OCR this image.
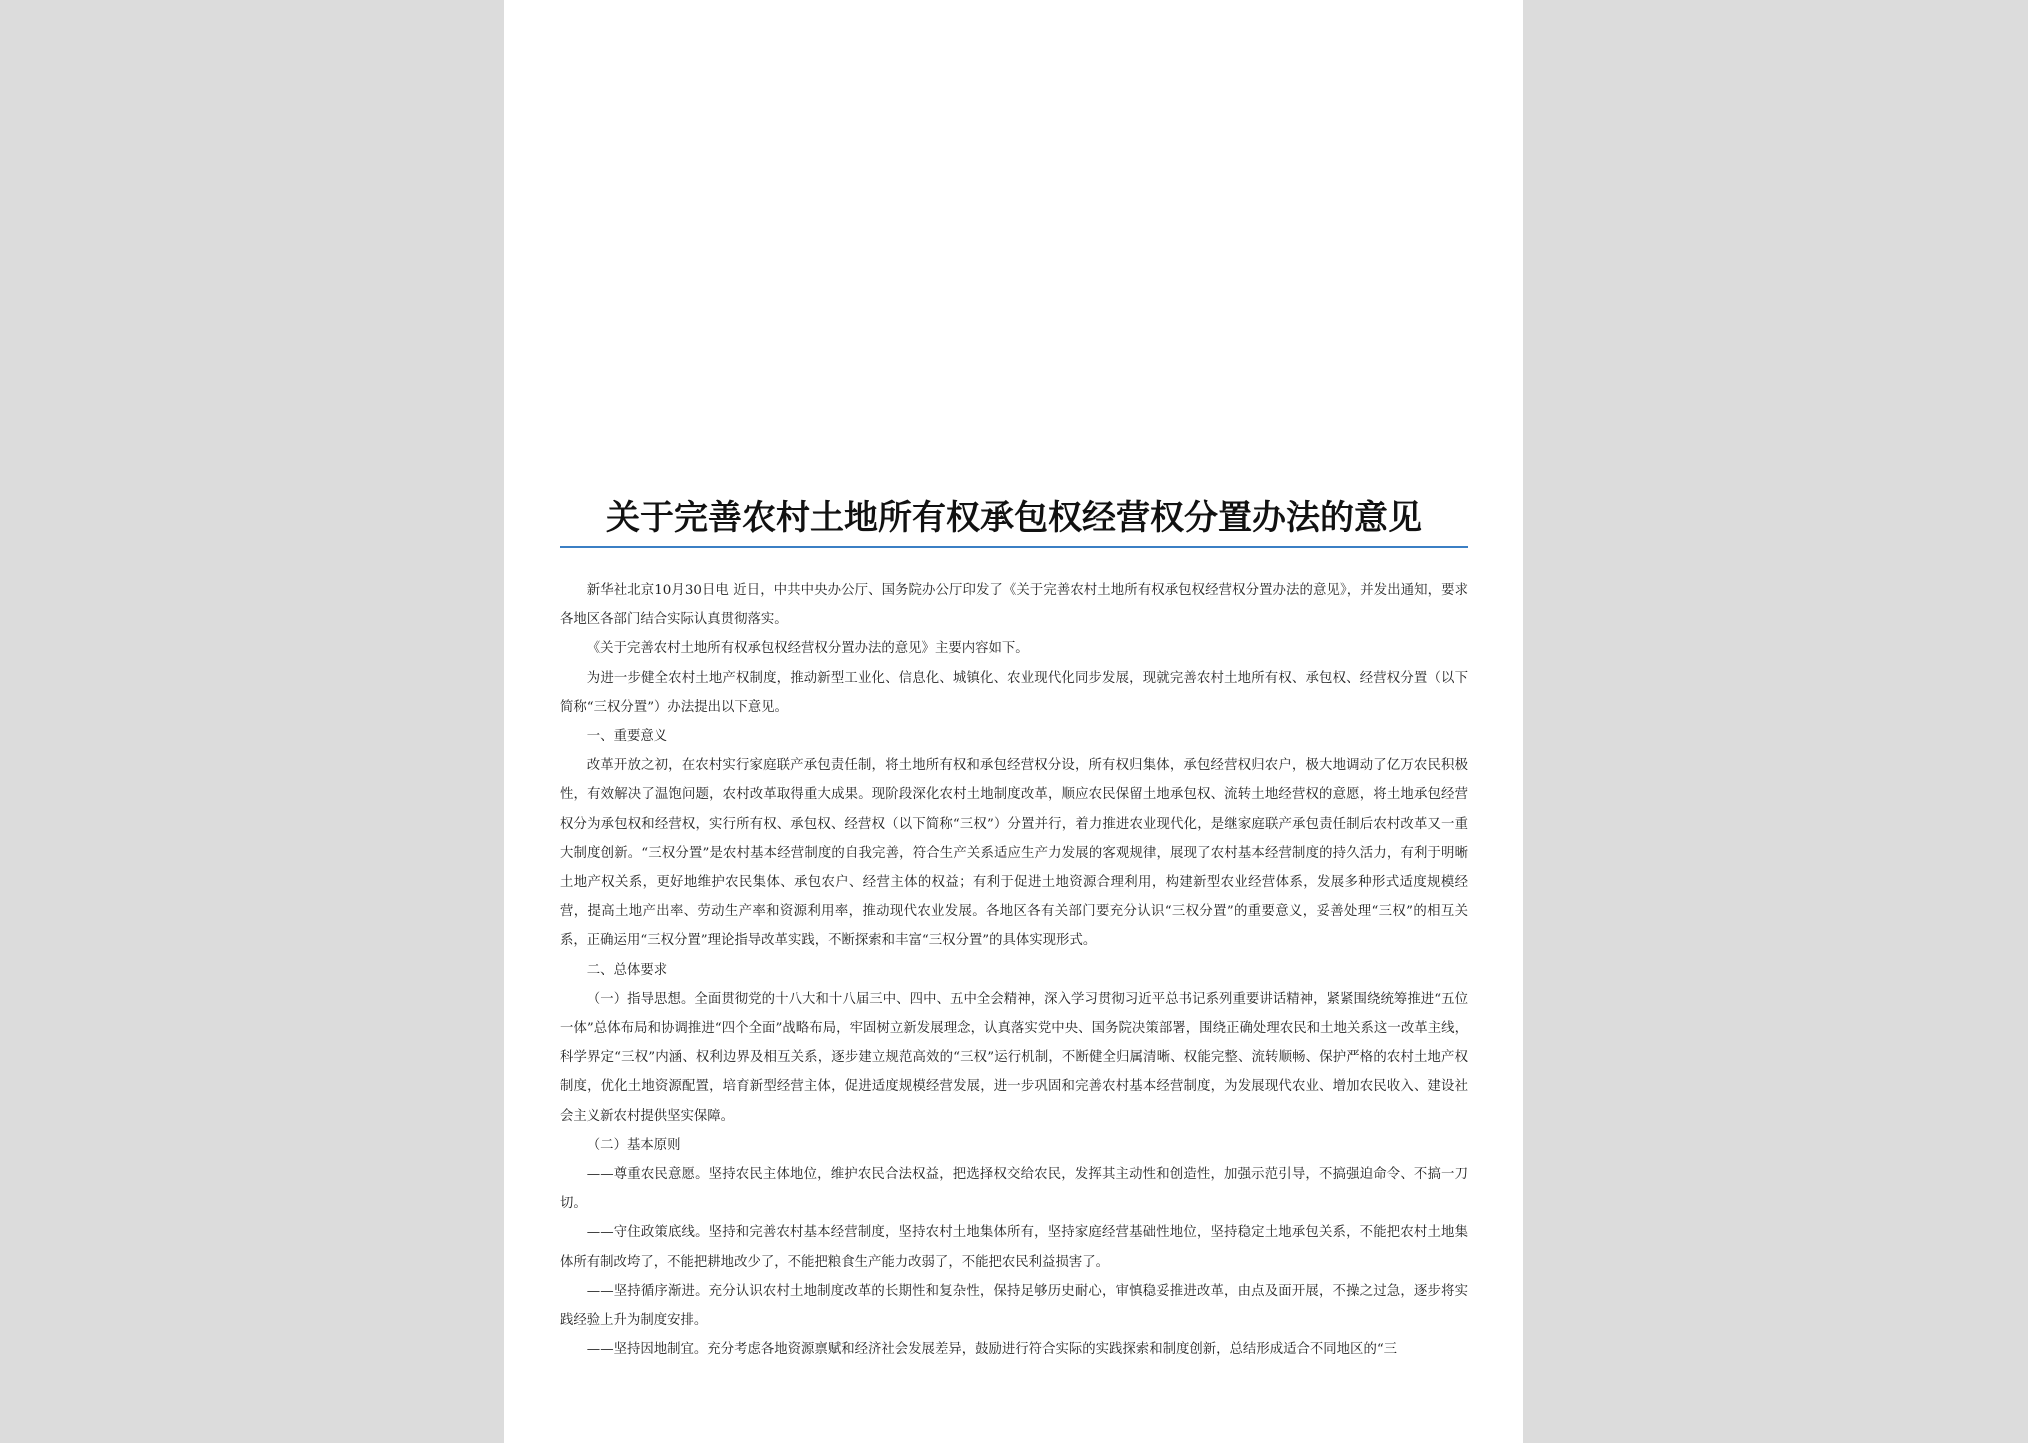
关于完善农村土地所有权承包权经营权分置办法的意见

新华社北京10月30日电 近日，中共中央办公厅、国务院办公厅印发了《关于完善农村土地所有权承包权经营权分置办法的意见》，并发出通知，要求各地区各部门结合实际认真贯彻落实。

《关于完善农村土地所有权承包权经营权分置办法的意见》主要内容如下。

为进一步健全农村土地产权制度，推动新型工业化、信息化、城镇化、农业现代化同步发展，现就完善农村土地所有权、承包权、经营权分置（以下简称“三权分置”）办法提出以下意见。

一、重要意义

改革开放之初，在农村实行家庭联产承包责任制，将土地所有权和承包经营权分设，所有权归集体，承包经营权归农户，极大地调动了亿万农民积极性，有效解决了温饱问题，农村改革取得重大成果。现阶段深化农村土地制度改革，顺应农民保留土地承包权、流转土地经营权的意愿，将土地承包经营权分为承包权和经营权，实行所有权、承包权、经营权（以下简称“三权”）分置并行，着力推进农业现代化，是继家庭联产承包责任制后农村改革又一重大制度创新。“三权分置”是农村基本经营制度的自我完善，符合生产关系适应生产力发展的客观规律，展现了农村基本经营制度的持久活力，有利于明晰土地产权关系，更好地维护农民集体、承包农户、经营主体的权益；有利于促进土地资源合理利用，构建新型农业经营体系，发展多种形式适度规模经营，提高土地产出率、劳动生产率和资源利用率，推动现代农业发展。各地区各有关部门要充分认识“三权分置”的重要意义，妥善处理“三权”的相互关系，正确运用“三权分置”理论指导改革实践，不断探索和丰富“三权分置”的具体实现形式。

二、总体要求

（一）指导思想。全面贯彻党的十八大和十八届三中、四中、五中全会精神，深入学习贯彻习近平总书记系列重要讲话精神，紧紧围绕统筹推进“五位一体”总体布局和协调推进“四个全面”战略布局，牢固树立新发展理念，认真落实党中央、国务院决策部署，围绕正确处理农民和土地关系这一改革主线，科学界定“三权”内涵、权利边界及相互关系，逐步建立规范高效的“三权”运行机制，不断健全归属清晰、权能完整、流转顺畅、保护严格的农村土地产权制度，优化土地资源配置，培育新型经营主体，促进适度规模经营发展，进一步巩固和完善农村基本经营制度，为发展现代农业、增加农民收入、建设社会主义新农村提供坚实保障。

（二）基本原则

——尊重农民意愿。坚持农民主体地位，维护农民合法权益，把选择权交给农民，发挥其主动性和创造性，加强示范引导，不搞强迫命令、不搞一刀切。

——守住政策底线。坚持和完善农村基本经营制度，坚持农村土地集体所有，坚持家庭经营基础性地位，坚持稳定土地承包关系，不能把农村土地集体所有制改垮了，不能把耕地改少了，不能把粮食生产能力改弱了，不能把农民利益损害了。

——坚持循序渐进。充分认识农村土地制度改革的长期性和复杂性，保持足够历史耐心，审慎稳妥推进改革，由点及面开展，不操之过急，逐步将实践经验上升为制度安排。

——坚持因地制宜。充分考虑各地资源禀赋和经济社会发展差异，鼓励进行符合实际的实践探索和制度创新，总结形成适合不同地区的“三
